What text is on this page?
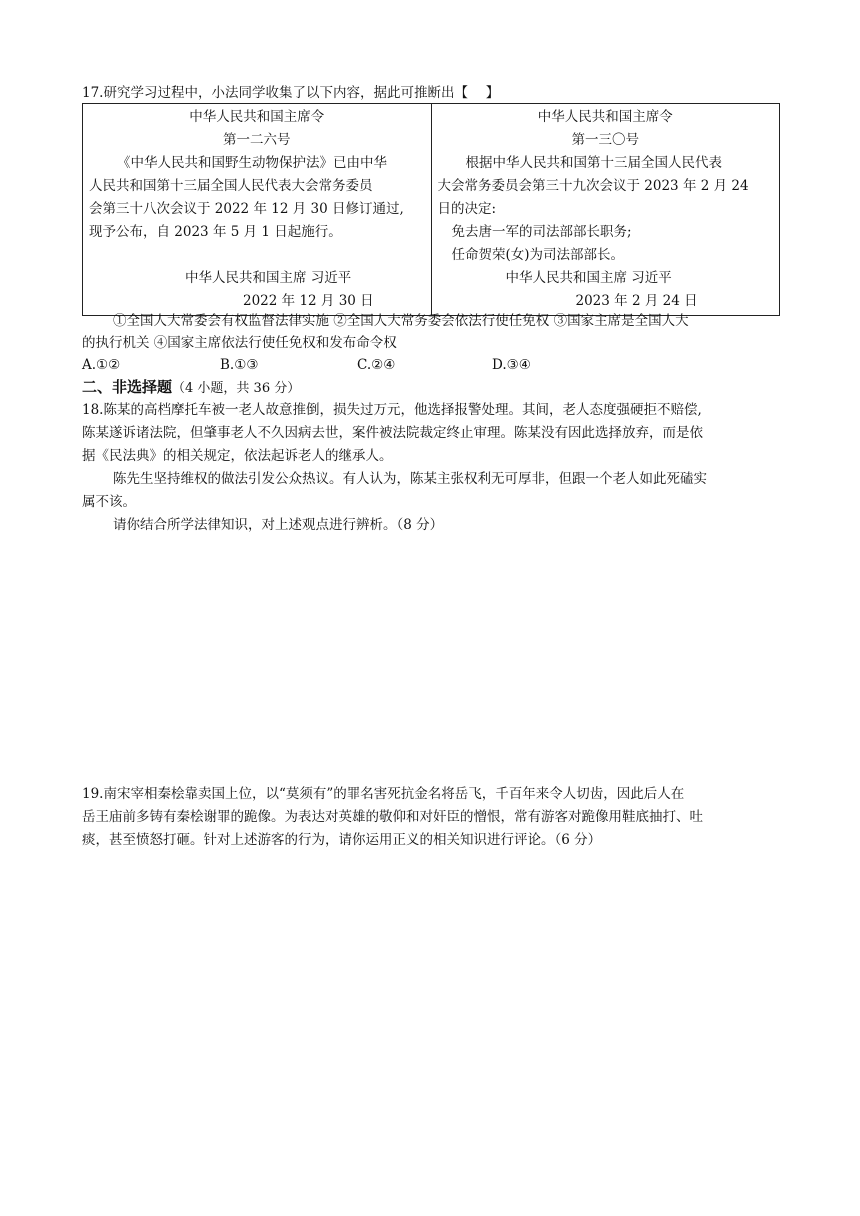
17.研究学习过程中，小法同学收集了以下内容，据此可推断出【　 】
中华人民共和国主席令
第一二六号
《中华人民共和国野生动物保护法》已由中华
人民共和国第十三届全国人民代表大会常务委员
会第三十八次会议于 2022 年 12 月 30 日修订通过,
现予公布，自 2023 年 5 月 1 日起施行。

中华人民共和国主席 习近平
2022 年 12 月 30 日

中华人民共和国主席令
第一三〇号
根据中华人民共和国第十三届全国人民代表
大会常务委员会第三十九次会议于 2023 年 2 月 24
日的决定:
免去唐一军的司法部部长职务;
任命贺荣(女)为司法部部长。
中华人民共和国主席 习近平
2023 年 2 月 24 日
①全国人大常委会有权监督法律实施 ②全国人大常务委会依法行使任免权 ③国家主席是全国人大
的执行机关 ④国家主席依法行使任免权和发布命令权
A.①②	B.①③	C.②④	D.③④
二、非选择题（4 小题，共 36 分）
18.陈某的高档摩托车被一老人故意推倒，损失过万元，他选择报警处理。其间，老人态度强硬拒不赔偿,
陈某遂诉诸法院，但肇事老人不久因病去世，案件被法院裁定终止审理。陈某没有因此选择放弃，而是依
据《民法典》的相关规定，依法起诉老人的继承人。
陈先生坚持维权的做法引发公众热议。有人认为，陈某主张权利无可厚非，但跟一个老人如此死磕实
属不该。
请你结合所学法律知识，对上述观点进行辨析。（8 分）
19.南宋宰相秦桧靠卖国上位，以“莫须有”的罪名害死抗金名将岳飞，千百年来令人切齿，因此后人在
岳王庙前多铸有秦桧谢罪的跪像。为表达对英雄的敬仰和对奸臣的憎恨，常有游客对跪像用鞋底抽打、吐
痰，甚至愤怒打砸。针对上述游客的行为，请你运用正义的相关知识进行评论。（6 分）
